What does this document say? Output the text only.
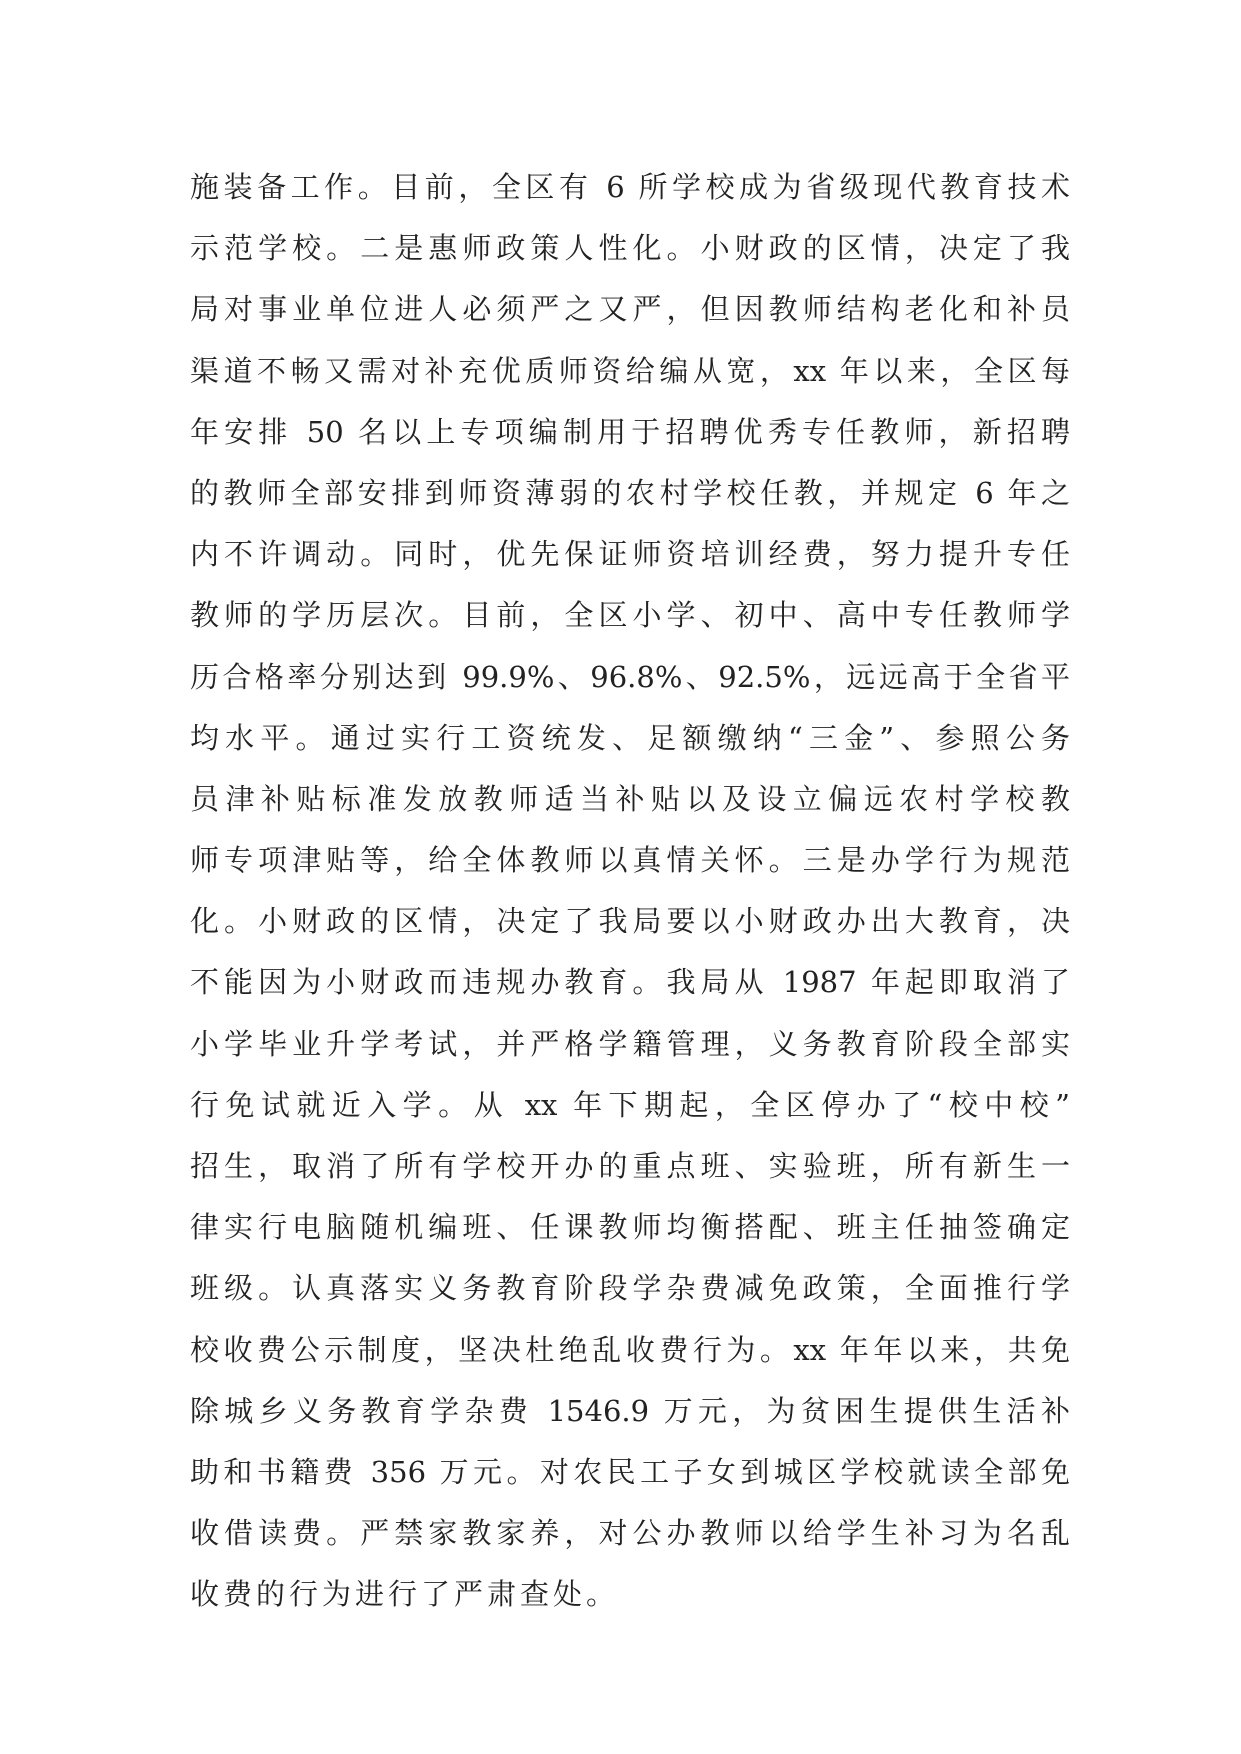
施装备工作。目前，全区有 6 所学校成为省级现代教育技术
示范学校。二是惠师政策人性化。小财政的区情，决定了我
局对事业单位进人必须严之又严，但因教师结构老化和补员
渠道不畅又需对补充优质师资给编从宽，xx 年以来，全区每
年安排 50 名以上专项编制用于招聘优秀专任教师，新招聘
的教师全部安排到师资薄弱的农村学校任教，并规定 6 年之
内不许调动。同时，优先保证师资培训经费，努力提升专任
教师的学历层次。目前，全区小学、初中、高中专任教师学
历合格率分别达到 99.9%、96.8%、92.5%，远远高于全省平
均水平。通过实行工资统发、足额缴纳“三金”、参照公务
员津补贴标准发放教师适当补贴以及设立偏远农村学校教
师专项津贴等，给全体教师以真情关怀。三是办学行为规范
化。小财政的区情，决定了我局要以小财政办出大教育，决
不能因为小财政而违规办教育。我局从 1987 年起即取消了
小学毕业升学考试，并严格学籍管理，义务教育阶段全部实
行免试就近入学。从 xx 年下期起，全区停办了“校中校”
招生，取消了所有学校开办的重点班、实验班，所有新生一
律实行电脑随机编班、任课教师均衡搭配、班主任抽签确定
班级。认真落实义务教育阶段学杂费减免政策，全面推行学
校收费公示制度，坚决杜绝乱收费行为。xx 年年以来，共免
除城乡义务教育学杂费 1546.9 万元，为贫困生提供生活补
助和书籍费 356 万元。对农民工子女到城区学校就读全部免
收借读费。严禁家教家养，对公办教师以给学生补习为名乱
收费的行为进行了严肃查处。
